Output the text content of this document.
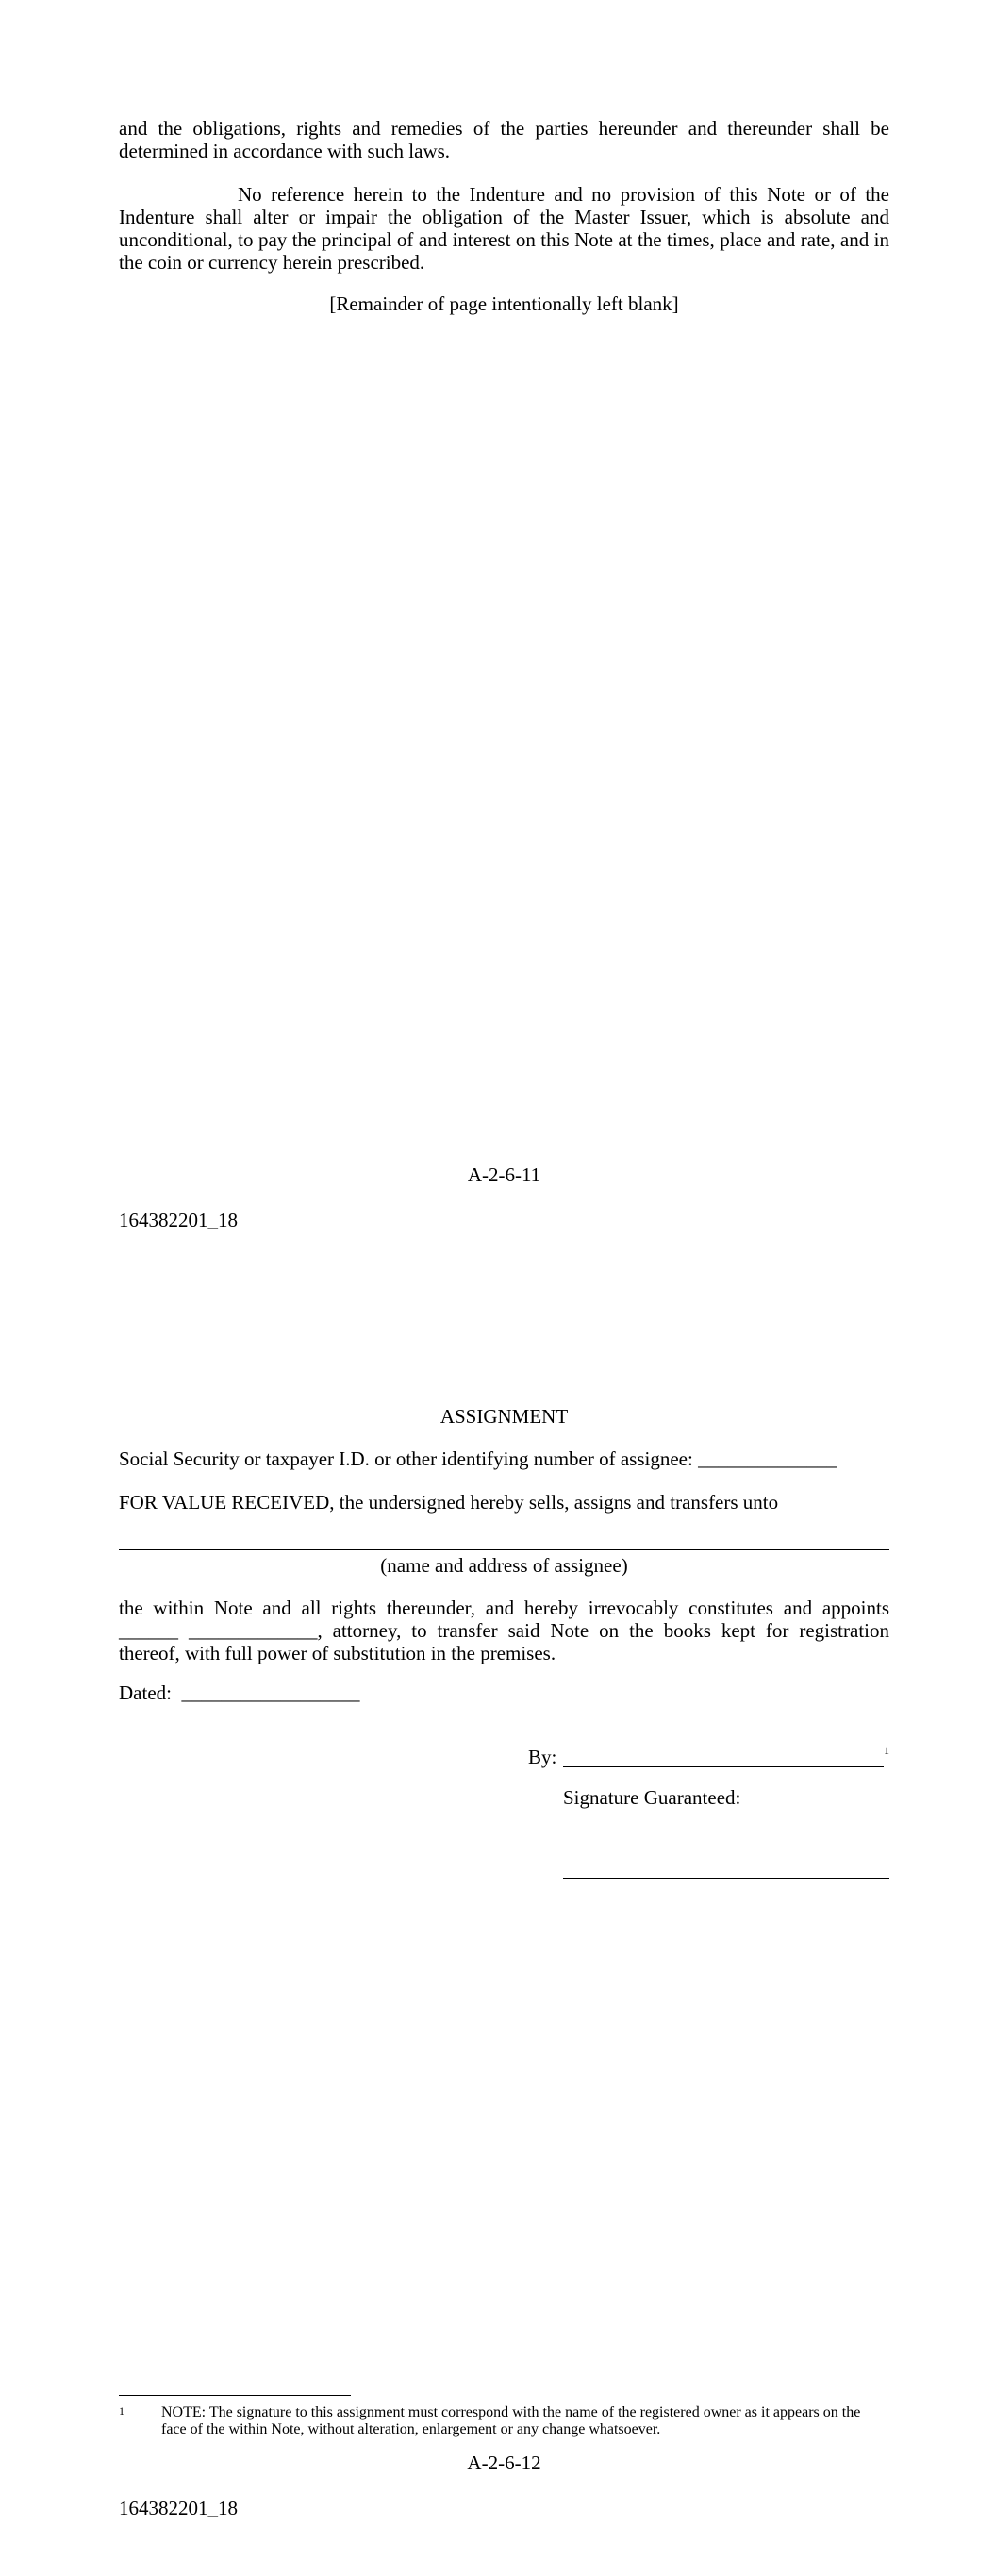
and the obligations, rights and remedies of the parties hereunder and thereunder shall be determined in accordance with such laws.
No reference herein to the Indenture and no provision of this Note or of the Indenture shall alter or impair the obligation of the Master Issuer, which is absolute and unconditional, to pay the principal of and interest on this Note at the times, place and rate, and in the coin or currency herein prescribed.
[Remainder of page intentionally left blank]
A-2-6-11
164382201_18
ASSIGNMENT
Social Security or taxpayer I.D. or other identifying number of assignee: ______________
FOR VALUE RECEIVED, the undersigned hereby sells, assigns and transfers unto
(name and address of assignee)
the within Note and all rights thereunder, and hereby irrevocably constitutes and appoints ______ _____________, attorney, to transfer said Note on the books kept for registration thereof, with full power of substitution in the premises.
Dated: __________________
By:	1
Signature Guaranteed:
1 NOTE: The signature to this assignment must correspond with the name of the registered owner as it appears on the face of the within Note, without alteration, enlargement or any change whatsoever.
A-2-6-12
164382201_18
